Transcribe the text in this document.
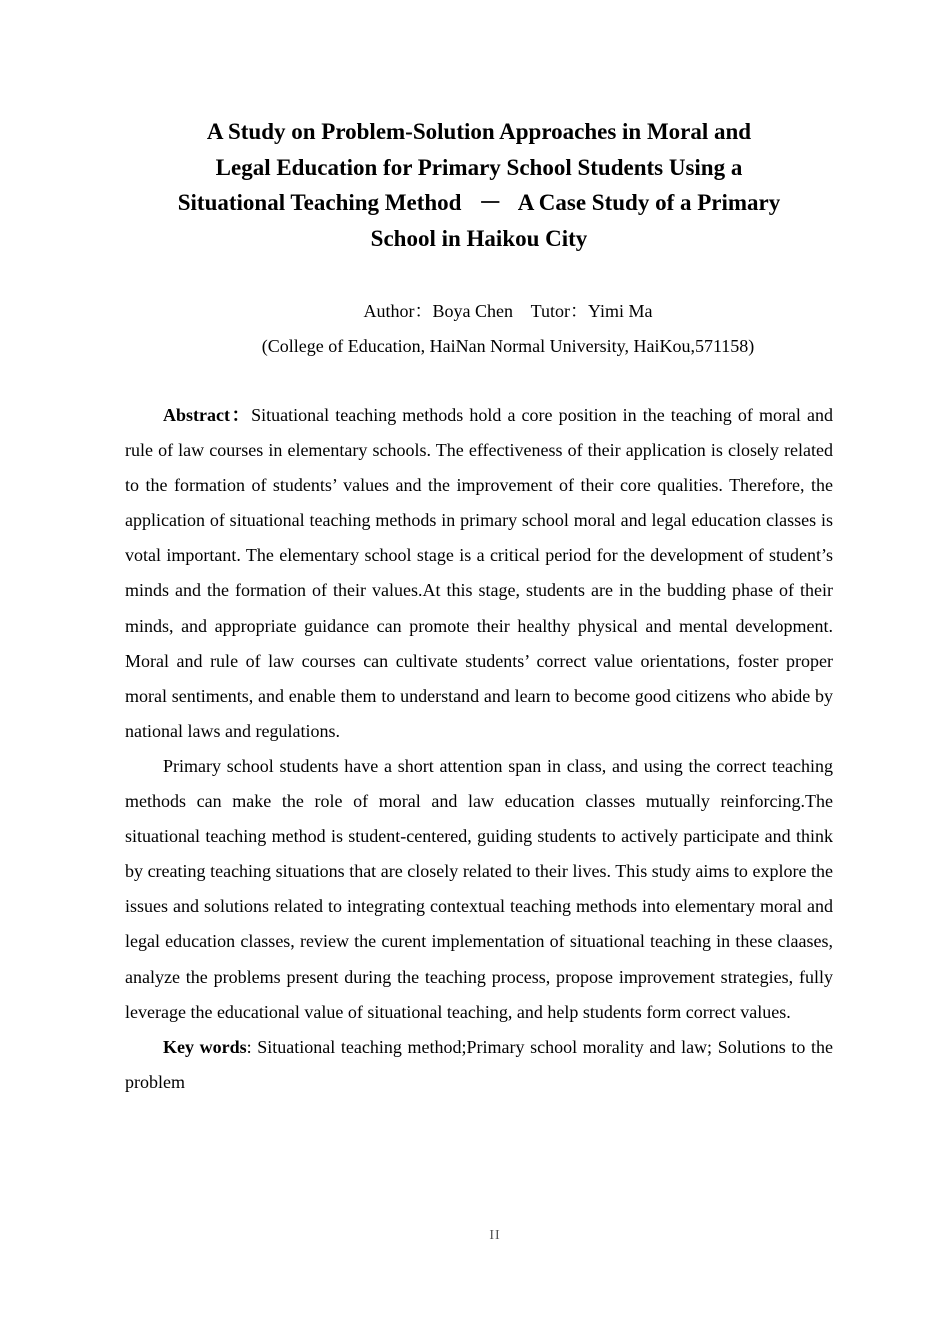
A Study on Problem-Solution Approaches in Moral and
Legal Education for Primary School Students Using a
Situational Teaching Method   －   A Case Study of a Primary
School in Haikou City
Author：Boya Chen Tutor：Yimi Ma
(College of Education, HaiNan Normal University, HaiKou,571158)

Abstract：Situational teaching methods hold a core position in the teaching of moral and rule of law courses in elementary schools. The effectiveness of their application is closely related to the formation of students’ values and the improvement of their core qualities. Therefore, the application of situational teaching methods in primary school moral and legal education classes is votal important. The elementary school stage is a critical period for the development of student’s minds and the formation of their values.At this stage, students are in the budding phase of their minds, and appropriate guidance can promote their healthy physical and mental development. Moral and rule of law courses can cultivate students’ correct value orientations, foster proper moral sentiments, and enable them to understand and learn to become good citizens who abide by national laws and regulations.

Primary school students have a short attention span in class, and using the correct teaching methods can make the role of moral and law education classes mutually reinforcing.The situational teaching method is student-centered, guiding students to actively participate and think by creating teaching situations that are closely related to their lives. This study aims to explore the issues and solutions related to integrating contextual teaching methods into elementary moral and legal education classes, review the curent implementation of situational teaching in these claases, analyze the problems present during the teaching process, propose improvement strategies, fully leverage the educational value of situational teaching, and help students form correct values.

Key words: Situational teaching method;Primary school morality and law; Solutions to the problem

II
